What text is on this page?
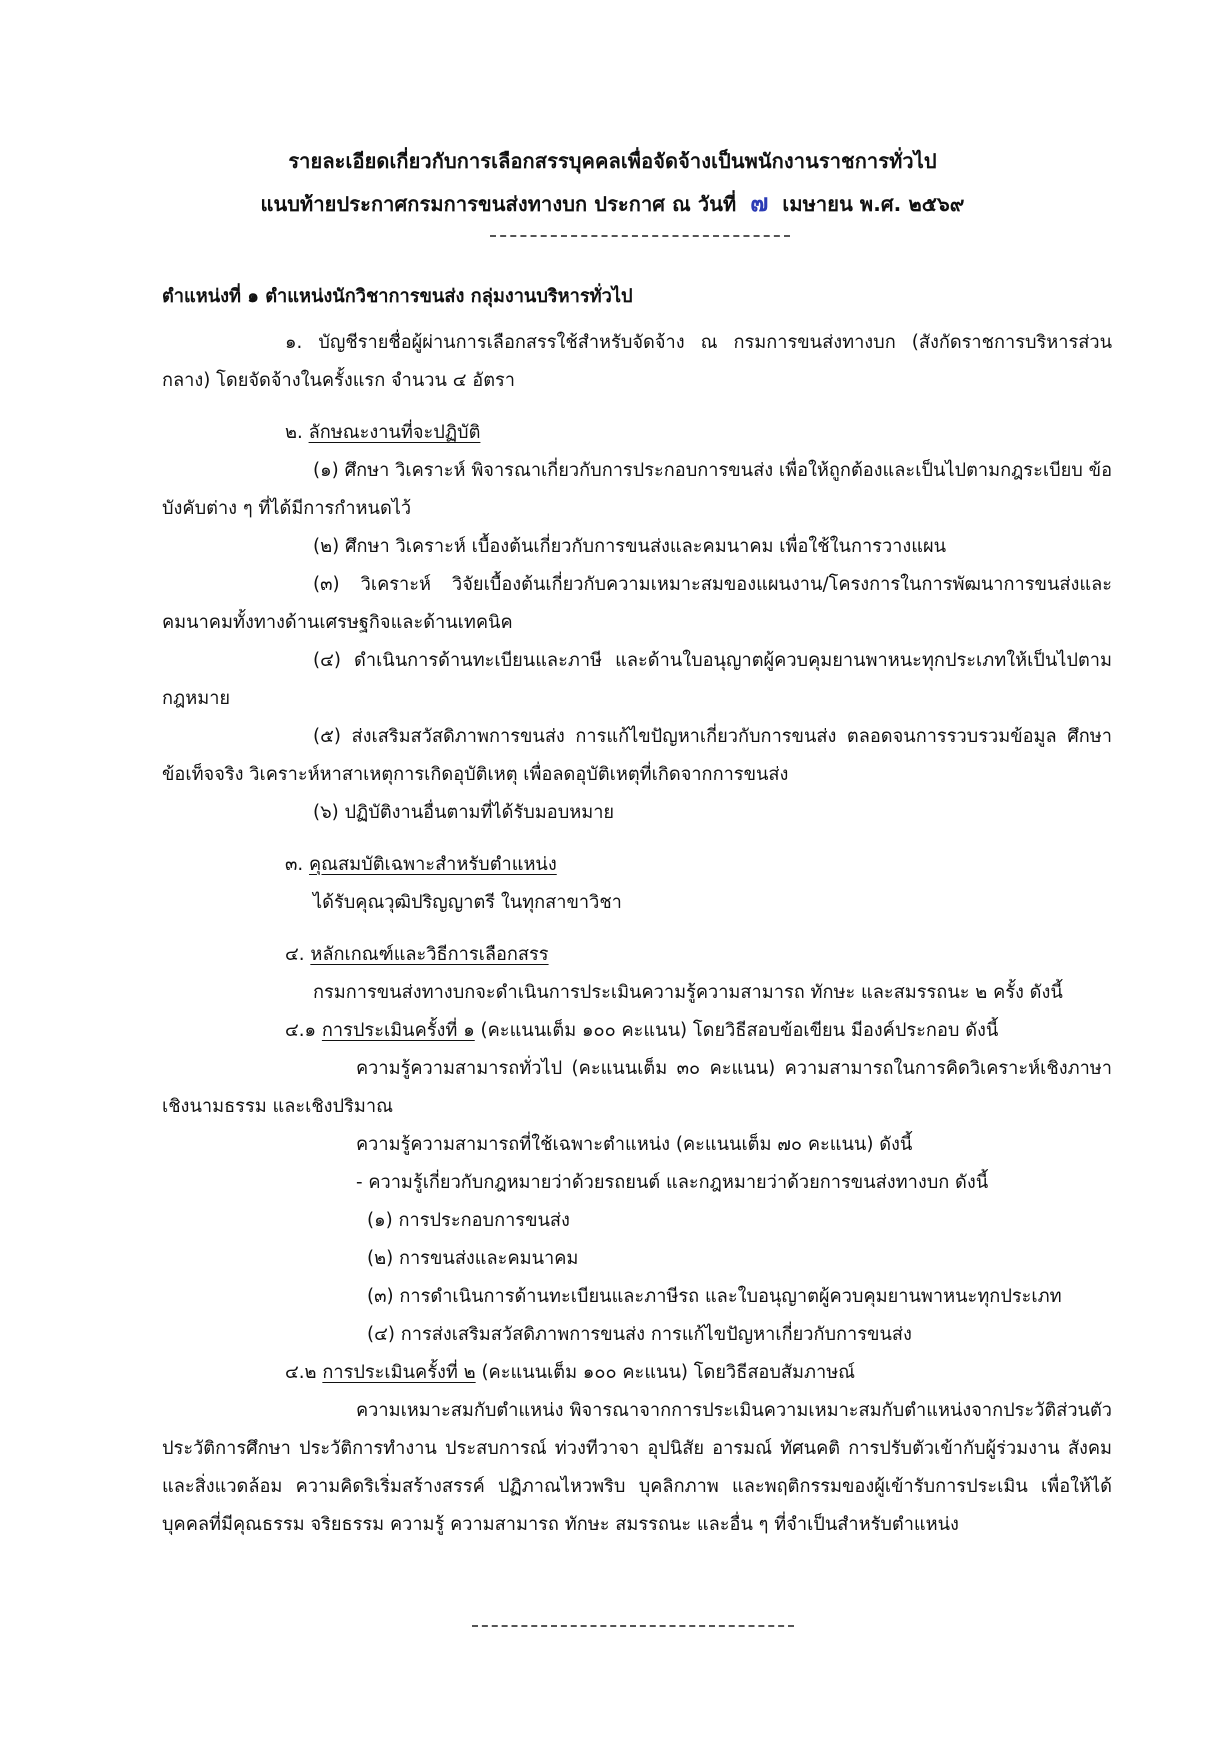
รายละเอียดเกี่ยวกับการเลือกสรรบุคคลเพื่อจัดจ้างเป็นพนักงานราชการทั่วไป
แนบท้ายประกาศกรมการขนส่งทางบก ประกาศ ณ วันที่ ๗ เมษายน พ.ศ. ๒๕๖๙

ตำแหน่งที่ ๑ ตำแหน่งนักวิชาการขนส่ง กลุ่มงานบริหารทั่วไป

๑. บัญชีรายชื่อผู้ผ่านการเลือกสรรใช้สำหรับจัดจ้าง ณ กรมการขนส่งทางบก (สังกัดราชการบริหารส่วนกลาง) โดยจัดจ้างในครั้งแรก จำนวน ๔ อัตรา

๒. ลักษณะงานที่จะปฏิบัติ

(๑) ศึกษา วิเคราะห์ พิจารณาเกี่ยวกับการประกอบการขนส่ง เพื่อให้ถูกต้องและเป็นไปตามกฎระเบียบ ข้อบังคับต่าง ๆ ที่ได้มีการกำหนดไว้

(๒) ศึกษา วิเคราะห์ เบื้องต้นเกี่ยวกับการขนส่งและคมนาคม เพื่อใช้ในการวางแผน

(๓) วิเคราะห์ วิจัยเบื้องต้นเกี่ยวกับความเหมาะสมของแผนงาน/โครงการในการพัฒนาการขนส่งและคมนาคมทั้งทางด้านเศรษฐกิจและด้านเทคนิค

(๔) ดำเนินการด้านทะเบียนและภาษี และด้านใบอนุญาตผู้ควบคุมยานพาหนะทุกประเภทให้เป็นไปตามกฎหมาย

(๕) ส่งเสริมสวัสดิภาพการขนส่ง การแก้ไขปัญหาเกี่ยวกับการขนส่ง ตลอดจนการรวบรวมข้อมูล ศึกษาข้อเท็จจริง วิเคราะห์หาสาเหตุการเกิดอุบัติเหตุ เพื่อลดอุบัติเหตุที่เกิดจากการขนส่ง

(๖) ปฏิบัติงานอื่นตามที่ได้รับมอบหมาย

๓. คุณสมบัติเฉพาะสำหรับตำแหน่ง

ได้รับคุณวุฒิปริญญาตรี ในทุกสาขาวิชา

๔. หลักเกณฑ์และวิธีการเลือกสรร

กรมการขนส่งทางบกจะดำเนินการประเมินความรู้ความสามารถ ทักษะ และสมรรถนะ ๒ ครั้ง ดังนี้

๔.๑ การประเมินครั้งที่ ๑ (คะแนนเต็ม ๑๐๐ คะแนน) โดยวิธีสอบข้อเขียน มีองค์ประกอบ ดังนี้

ความรู้ความสามารถทั่วไป (คะแนนเต็ม ๓๐ คะแนน) ความสามารถในการคิดวิเคราะห์เชิงภาษา เชิงนามธรรม และเชิงปริมาณ

ความรู้ความสามารถที่ใช้เฉพาะตำแหน่ง (คะแนนเต็ม ๗๐ คะแนน) ดังนี้

- ความรู้เกี่ยวกับกฎหมายว่าด้วยรถยนต์ และกฎหมายว่าด้วยการขนส่งทางบก ดังนี้

(๑) การประกอบการขนส่ง

(๒) การขนส่งและคมนาคม

(๓) การดำเนินการด้านทะเบียนและภาษีรถ และใบอนุญาตผู้ควบคุมยานพาหนะทุกประเภท

(๔) การส่งเสริมสวัสดิภาพการขนส่ง การแก้ไขปัญหาเกี่ยวกับการขนส่ง

๔.๒ การประเมินครั้งที่ ๒ (คะแนนเต็ม ๑๐๐ คะแนน) โดยวิธีสอบสัมภาษณ์

ความเหมาะสมกับตำแหน่ง พิจารณาจากการประเมินความเหมาะสมกับตำแหน่งจากประวัติส่วนตัว ประวัติการศึกษา ประวัติการทำงาน ประสบการณ์ ท่วงทีวาจา อุปนิสัย อารมณ์ ทัศนคติ การปรับตัวเข้ากับผู้ร่วมงาน สังคม และสิ่งแวดล้อม ความคิดริเริ่มสร้างสรรค์ ปฏิภาณไหวพริบ บุคลิกภาพ และพฤติกรรมของผู้เข้ารับการประเมิน เพื่อให้ได้บุคคลที่มีคุณธรรม จริยธรรม ความรู้ ความสามารถ ทักษะ สมรรถนะ และอื่น ๆ ที่จำเป็นสำหรับตำแหน่ง
